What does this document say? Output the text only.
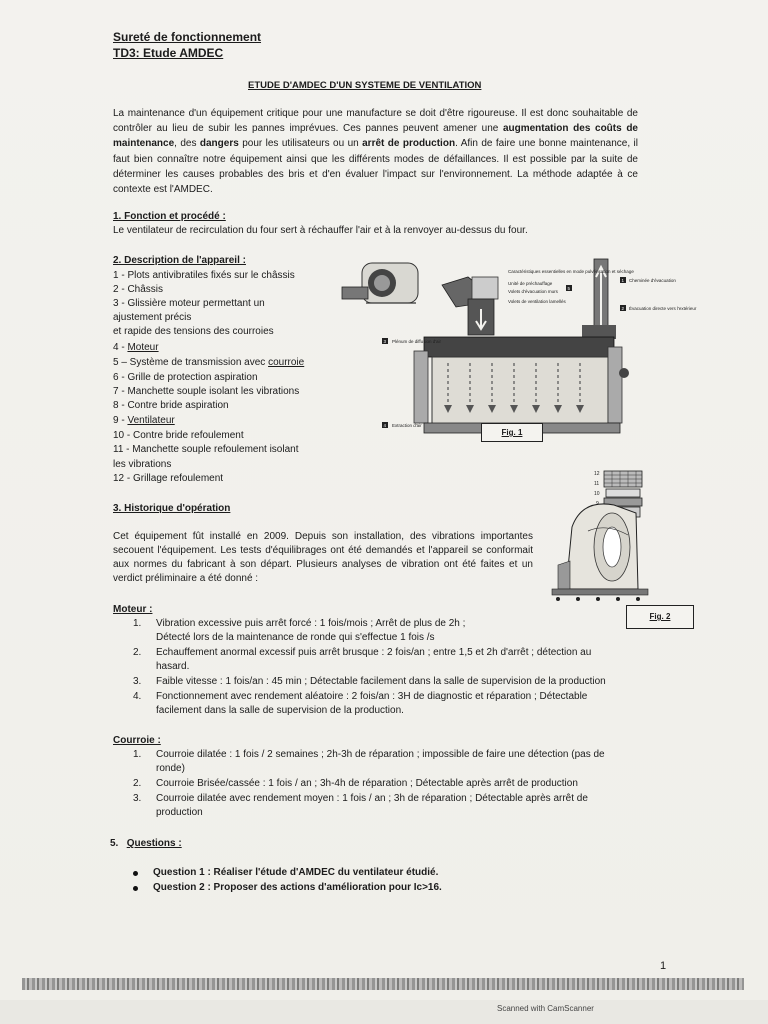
Sureté de fonctionnement
TD3: Etude AMDEC
ETUDE D'AMDEC D'UN SYSTEME DE VENTILATION
La maintenance d'un équipement critique pour une manufacture se doit d'être rigoureuse. Il est donc souhaitable de contrôler au lieu de subir les pannes imprévues. Ces pannes peuvent amener une augmentation des coûts de maintenance, des dangers pour les utilisateurs ou un arrêt de production. Afin de faire une bonne maintenance, il faut bien connaître notre équipement ainsi que les différents modes de défaillances. Il est possible par la suite de déterminer les causes probables des bris et d'en évaluer l'impact sur l'environnement. La méthode adaptée à ce contexte est l'AMDEC.
1. Fonction et procédé :
Le ventilateur de recirculation du four sert à réchauffer l'air et à la renvoyer au-dessus du four.
2. Description de l'appareil :
1 - Plots antivibratiles fixés sur le châssis
2 - Châssis
3 - Glissière moteur permettant un
ajustement précis
et rapide des tensions des courroies
4 - Moteur
5 – Système de transmission avec courroie
6 - Grille de protection aspiration
7 - Manchette souple isolant les vibrations
8 - Contre bride aspiration
9 - Ventilateur
10 - Contre bride refoulement
11 - Manchette souple refoulement isolant
les vibrations
12 - Grillage refoulement
Caractéristiques essentielles en mode pulvérisation et séchage
Unité de préchauffage
Volets d'évacuation murs
Volets de ventilation lamellés
1 Cheminée d'évacuation
2 Évacuation directe vers l'extérieur
3 Plénum de diffusion d'air
4 Extraction d'air
5
Fig. 1
3. Historique d'opération
Cet équipement fût installé en 2009. Depuis son installation, des vibrations importantes secouent l'équipement. Les tests d'équilibrages ont été demandés et l'appareil se conformait aux normes du fabricant à son départ. Plusieurs analyses de vibration ont été faites et un verdict préliminaire a été donné :
12
11
10
9
Fig. 2
Moteur :
1.	Vibration excessive puis arrêt forcé : 1 fois/mois ; Arrêt de plus de 2h ;
Détecté lors de la maintenance de ronde qui s'effectue 1 fois /s
2.	Echauffement anormal excessif puis arrêt brusque : 2 fois/an ; entre 1,5 et 2h d'arrêt ; détection au
hasard.
3.	Faible vitesse : 1 fois/an : 45 min ; Détectable facilement dans la salle de supervision de la production
4.	Fonctionnement avec rendement aléatoire : 2 fois/an : 3H de diagnostic et réparation ; Détectable
facilement dans la salle de supervision de la production.
Courroie :
1.	Courroie dilatée : 1 fois / 2 semaines ; 2h-3h de réparation ; impossible de faire une détection (pas de
ronde)
2.	Courroie Brisée/cassée : 1 fois / an ; 3h-4h de réparation ; Détectable après arrêt de production
3.	Courroie dilatée avec rendement moyen : 1 fois / an ; 3h de réparation ; Détectable après arrêt de
production
5. Questions :
Question 1 : Réaliser l'étude d'AMDEC du ventilateur étudié.
Question 2 : Proposer des actions d'amélioration pour Ic>16.
1
Scanned with CamScanner
